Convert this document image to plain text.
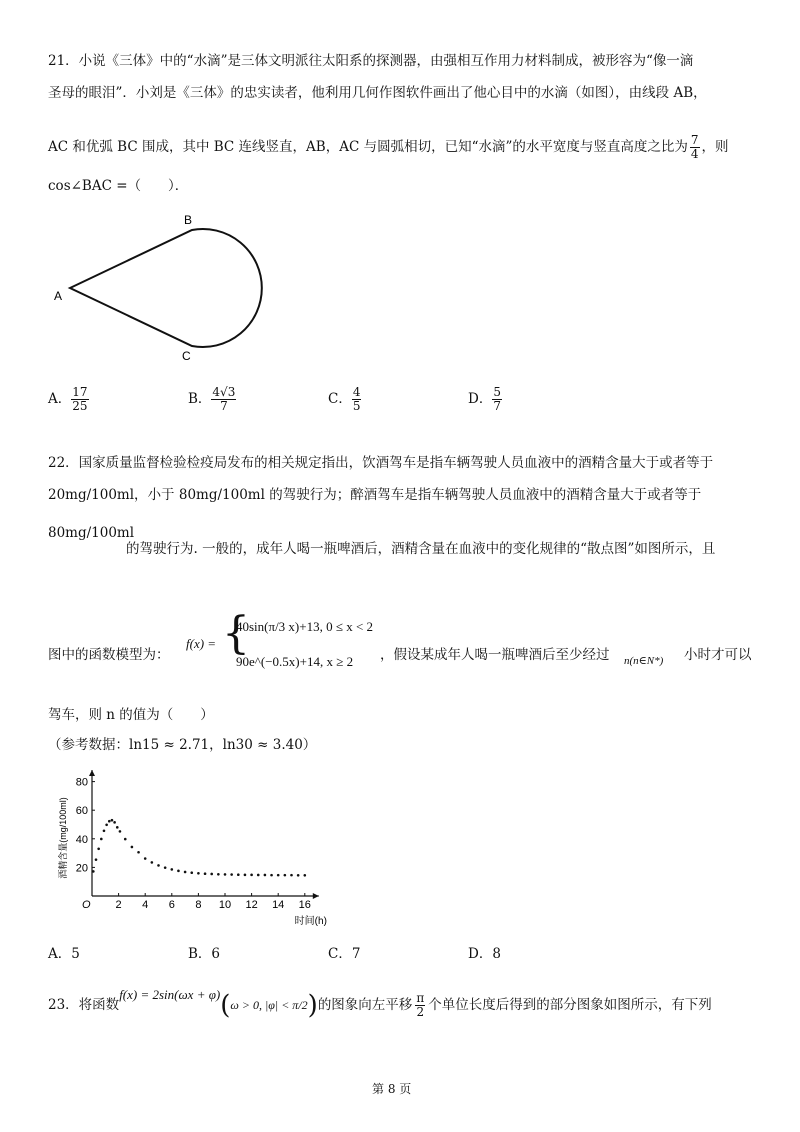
21．小说《三体》中的“水滴”是三体文明派往太阳系的探测器，由强相互作用力材料制成，被形容为“像一滴
圣母的眼泪”．小刘是《三体》的忠实读者，他利用几何作图软件画出了他心目中的水滴（如图），由线段 AB，
AC 和优弧 BC 围成，其中 BC 连线竖直，AB，AC 与圆弧相切，已知“水滴”的水平宽度与竖直高度之比为 $\frac{7}{4}$ ，则
cos∠BAC =（　　）．
A
B
C
A． $\frac{17}{25}$	B． $\frac{4√3}{7}$	C． $\frac{4}{5}$	D． $\frac{5}{7}$
22．国家质量监督检验检疫局发布的相关规定指出，饮酒驾车是指车辆驾驶人员血液中的酒精含量大于或者等于
20mg/100ml，小于 80mg/100ml 的驾驶行为；醉酒驾车是指车辆驾驶人员血液中的酒精含量大于或者等于
80mg/100ml
的驾驶行为. 一般的，成年人喝一瓶啤酒后，酒精含量在血液中的变化规律的“散点图”如图所示，且
图中的函数模型为：
f(x) = {
40sin(π/3 x)+13, 0 ≤ x < 2
90e^(−0.5x)+14, x ≥ 2 ，假设某成年人喝一瓶啤酒后至少经过 n(n∈N*) 小时才可以
驾车，则 n 的值为（　　）
（参考数据：ln15 ≈ 2.71，ln30 ≈ 3.40）
O 2 4 6 8 10 12 14 16
20
40
60
80
时间(h)
酒精含量(mg/100ml)
A．5	B．6	C．7	D．8
23．将函数f(x) = 2sin(ωx + φ)(ω > 0, |φ| < π/2)的图象向左平移 $\frac{\pi}{2}$ 个单位长度后得到的部分图象如图所示，有下列
第 8 页
